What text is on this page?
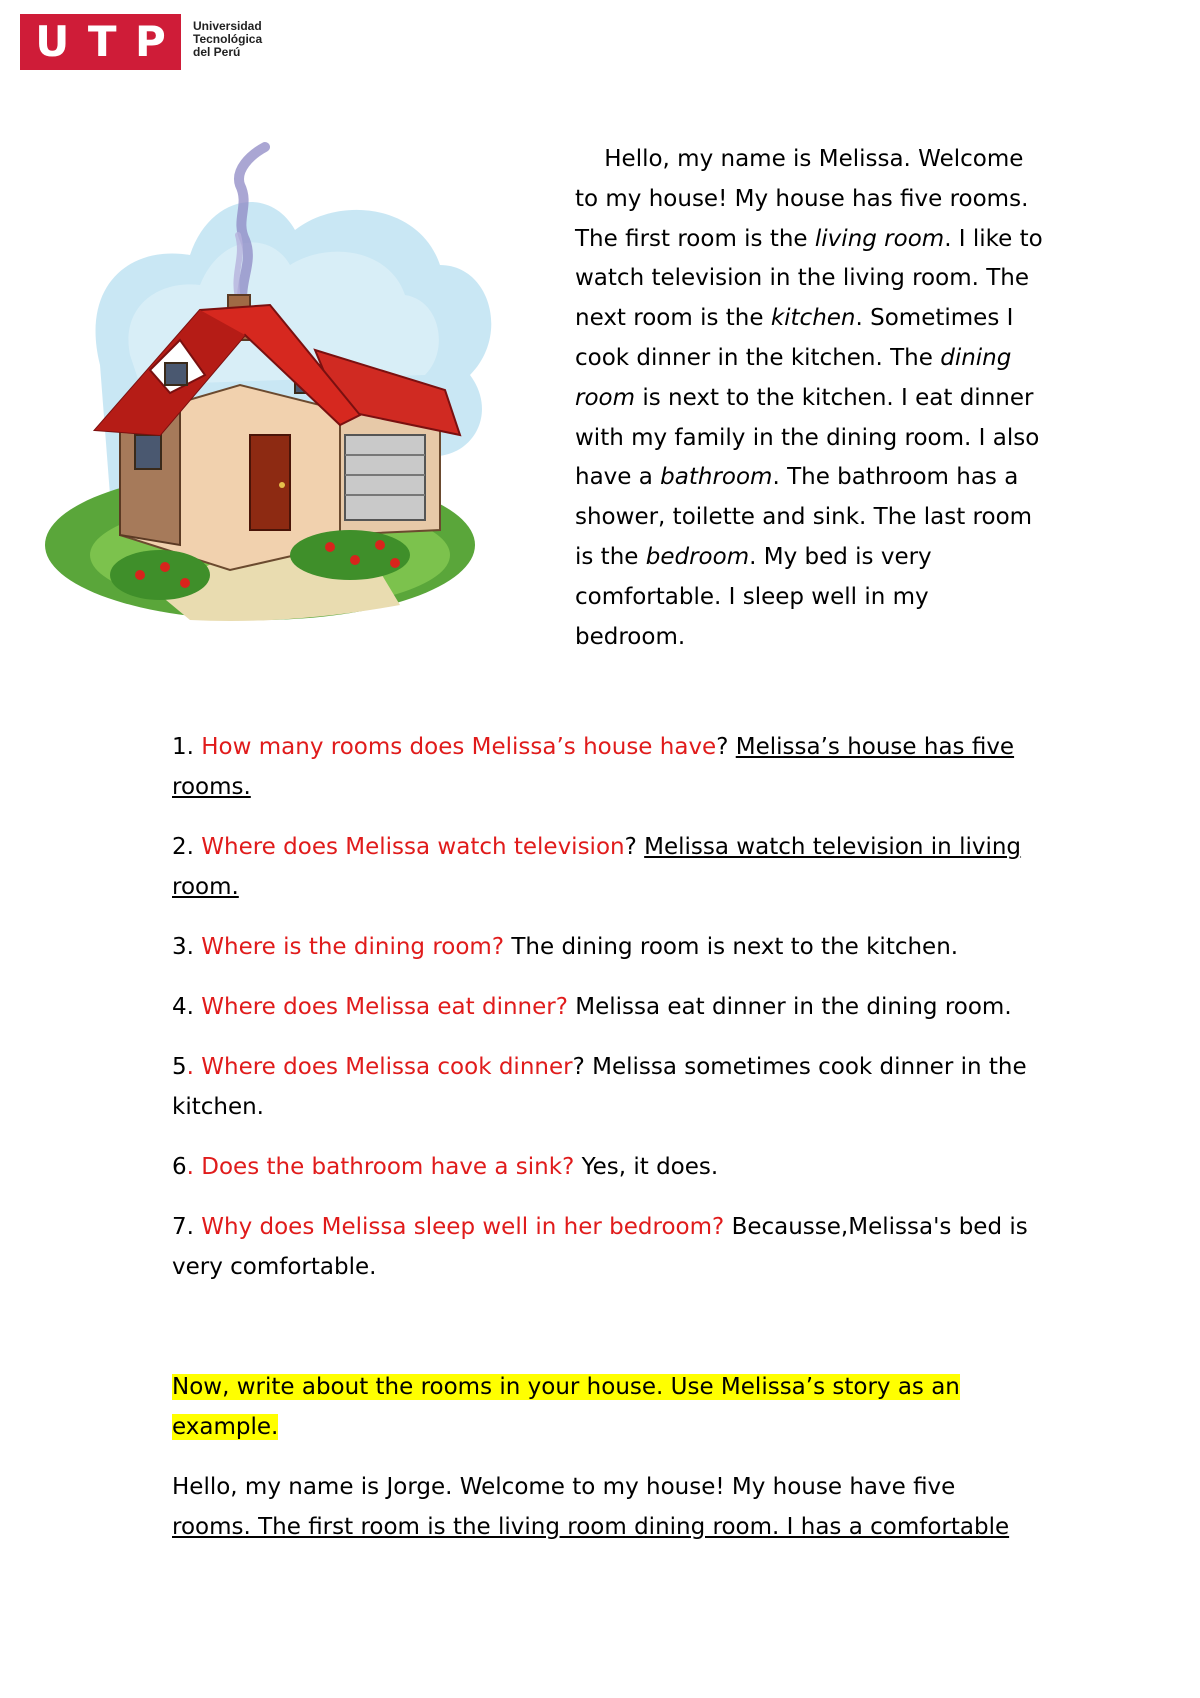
U T P Universidad
Tecnológica
del Perú

Hello, my name is Melissa. Welcome to my house! My house has five rooms. The first room is the living room. I like to watch television in the living room. The next room is the kitchen. Sometimes I cook dinner in the kitchen. The dining room is next to the kitchen. I eat dinner with my family in the dining room. I also have a bathroom. The bathroom has a shower, toilette and sink. The last room is the bedroom. My bed is very comfortable. I sleep well in my bedroom.

1. How many rooms does Melissa’s house have? Melissa’s house has five rooms.

2. Where does Melissa watch television? Melissa watch television in living room.

3. Where is the dining room? The dining room is next to the kitchen.

4. Where does Melissa eat dinner? Melissa eat dinner in the dining room.

5. Where does Melissa cook dinner? Melissa sometimes cook dinner in the kitchen.

6. Does the bathroom have a sink? Yes, it does.

7. Why does Melissa sleep well in her bedroom? Becausse,Melissa's bed is very comfortable.

Now, write about the rooms in your house. Use Melissa’s story as an example.

Hello, my name is Jorge. Welcome to my house! My house have five
rooms. The first room is the living room dining room. I has a comfortable
